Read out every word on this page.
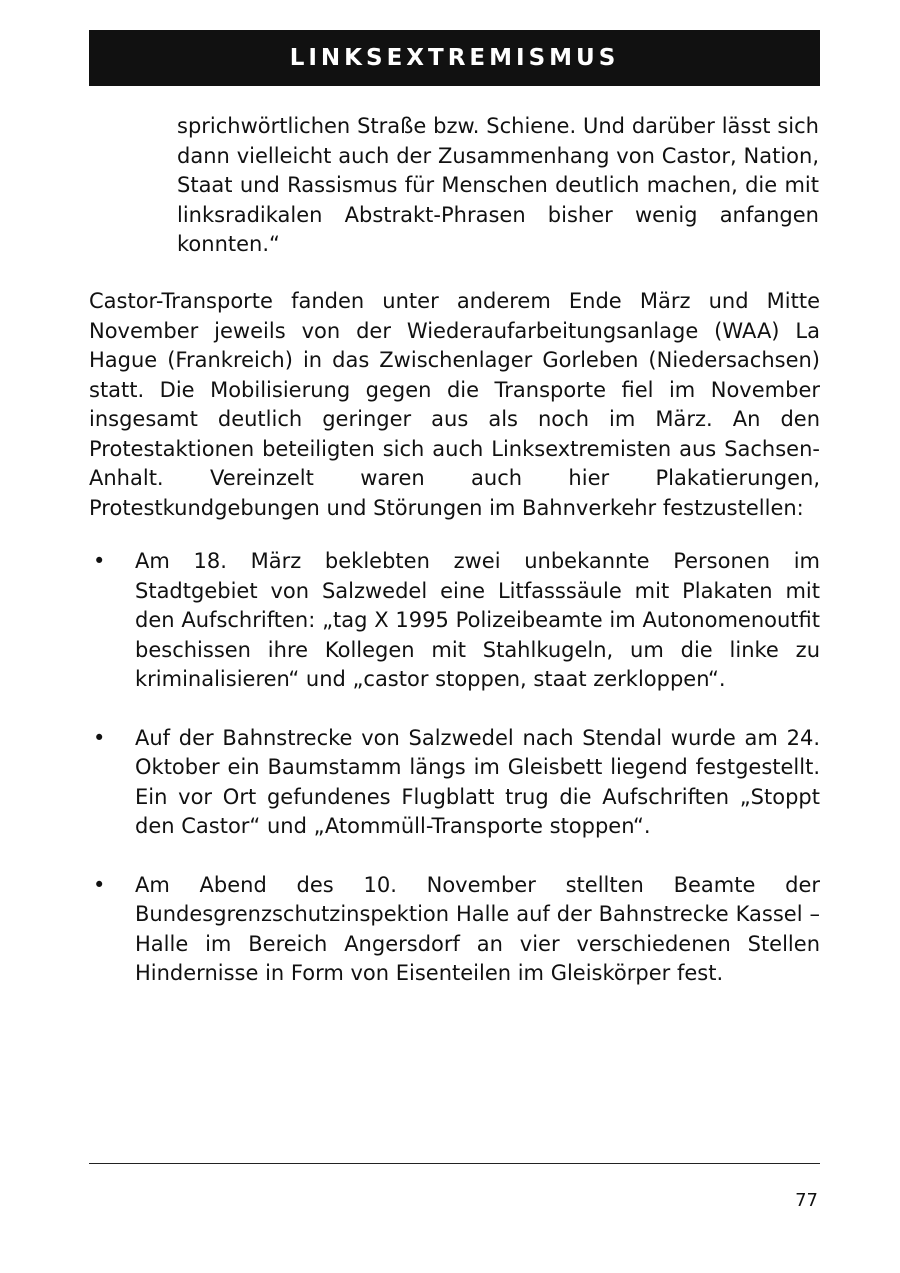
LINKSEXTREMISMUS

sprichwörtlichen Straße bzw. Schiene. Und darüber lässt sich dann vielleicht auch der Zusammenhang von Castor, Nation, Staat und Rassismus für Menschen deutlich machen, die mit linksradikalen Abstrakt-Phrasen bisher wenig anfangen konnten.“

Castor-Transporte fanden unter anderem Ende März und Mitte November jeweils von der Wiederaufarbeitungsanlage (WAA) La Hague (Frankreich) in das Zwischenlager Gorleben (Niedersachsen) statt. Die Mobilisierung gegen die Transporte fiel im November insgesamt deutlich geringer aus als noch im März. An den Protestaktionen beteiligten sich auch Linksextremisten aus Sachsen-Anhalt. Vereinzelt waren auch hier Plakatierungen, Protestkundgebungen und Störungen im Bahnverkehr festzustellen:

• Am 18. März beklebten zwei unbekannte Personen im Stadtgebiet von Salzwedel eine Litfasssäule mit Plakaten mit den Aufschriften: „tag X 1995 Polizeibeamte im Autonomenoutfit beschissen ihre Kollegen mit Stahlkugeln, um die linke zu kriminalisieren“ und „castor stoppen, staat zerkloppen“.
• Auf der Bahnstrecke von Salzwedel nach Stendal wurde am 24. Oktober ein Baumstamm längs im Gleisbett liegend festgestellt. Ein vor Ort gefundenes Flugblatt trug die Aufschriften „Stoppt den Castor“ und „Atommüll-Transporte stoppen“.
• Am Abend des 10. November stellten Beamte der Bundesgrenzschutzinspektion Halle auf der Bahnstrecke Kassel – Halle im Bereich Angersdorf an vier verschiedenen Stellen Hindernisse in Form von Eisenteilen im Gleiskörper fest.
77
